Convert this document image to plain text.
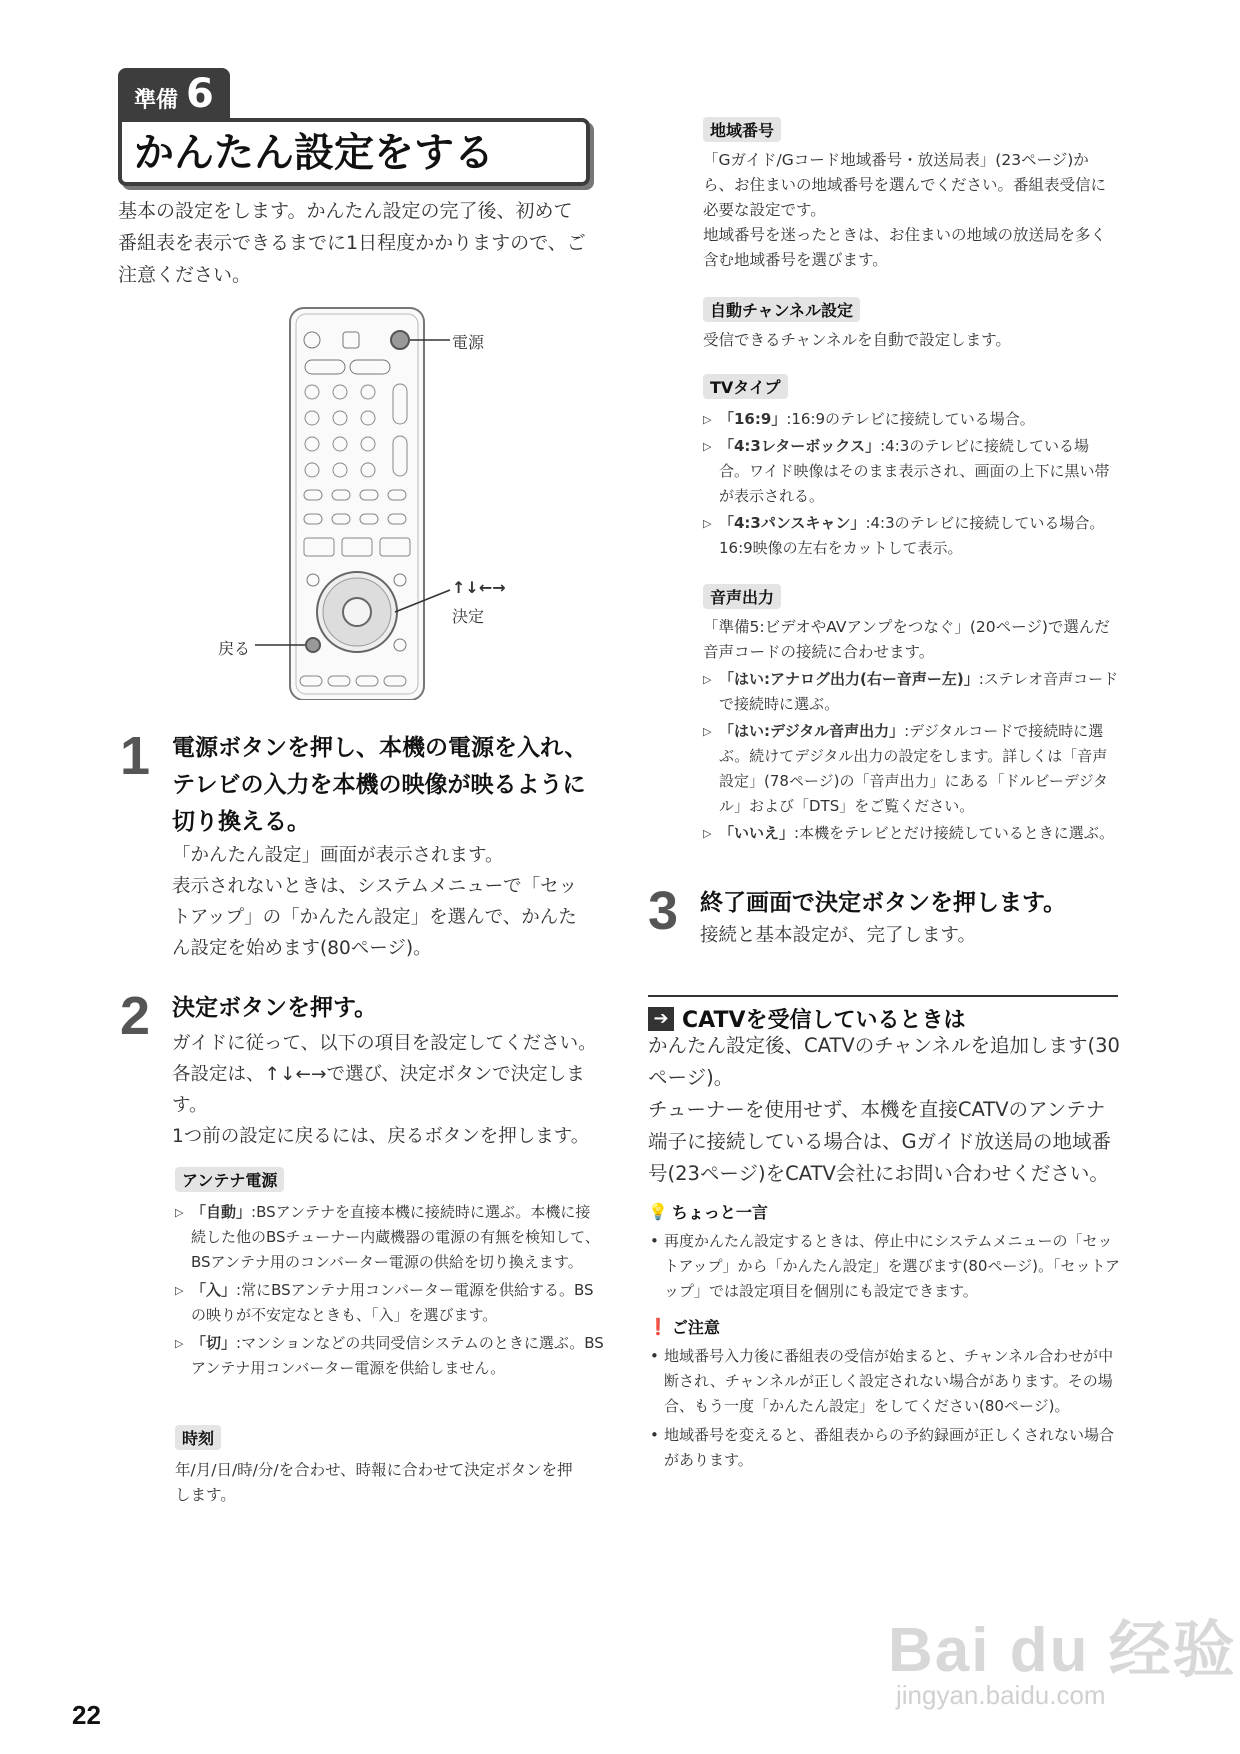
準備 6
かんたん設定をする
基本の設定をします。かんたん設定の完了後、初めて番組表を表示できるまでに1日程度かかりますので、ご注意ください。
電源
↑↓←→
決定
戻る
1 電源ボタンを押し、本機の電源を入れ、テレビの入力を本機の映像が映るように切り換える。
「かんたん設定」画面が表示されます。
表示されないときは、システムメニューで「セットアップ」の「かんたん設定」を選んで、かんたん設定を始めます(80ページ)。
2 決定ボタンを押す。
ガイドに従って、以下の項目を設定してください。
各設定は、↑↓←→で選び、決定ボタンで決定します。
1つ前の設定に戻るには、戻るボタンを押します。
アンテナ電源
▷ 「自動」:BSアンテナを直接本機に接続時に選ぶ。本機に接続した他のBSチューナー内蔵機器の電源の有無を検知して、BSアンテナ用のコンバーター電源の供給を切り換えます。
▷ 「入」:常にBSアンテナ用コンバーター電源を供給する。BSの映りが不安定なときも、「入」を選びます。
▷ 「切」:マンションなどの共同受信システムのときに選ぶ。BSアンテナ用コンバーター電源を供給しません。
時刻
年/月/日/時/分/を合わせ、時報に合わせて決定ボタンを押します。
地域番号
「Gガイド/Gコード地域番号・放送局表」(23ページ)から、お住まいの地域番号を選んでください。番組表受信に必要な設定です。
地域番号を迷ったときは、お住まいの地域の放送局を多く含む地域番号を選びます。
自動チャンネル設定
受信できるチャンネルを自動で設定します。
TVタイプ
▷ 「16:9」:16:9のテレビに接続している場合。
▷ 「4:3レターボックス」:4:3のテレビに接続している場合。ワイド映像はそのまま表示され、画面の上下に黒い帯が表示される。
▷ 「4:3パンスキャン」:4:3のテレビに接続している場合。16:9映像の左右をカットして表示。
音声出力
「準備5:ビデオやAVアンプをつなぐ」(20ページ)で選んだ音声コードの接続に合わせます。
▷ 「はい:アナログ出力(右ー音声ー左)」:ステレオ音声コードで接続時に選ぶ。
▷ 「はい:デジタル音声出力」:デジタルコードで接続時に選ぶ。続けてデジタル出力の設定をします。詳しくは「音声設定」(78ページ)の「音声出力」にある「ドルビーデジタル」および「DTS」をご覧ください。
▷ 「いいえ」:本機をテレビとだけ接続しているときに選ぶ。
3 終了画面で決定ボタンを押します。
接続と基本設定が、完了します。
➔ CATVを受信しているときは
かんたん設定後、CATVのチャンネルを追加します(30ページ)。
チューナーを使用せず、本機を直接CATVのアンテナ端子に接続している場合は、Gガイド放送局の地域番号(23ページ)をCATV会社にお問い合わせください。
💡 ちょっと一言
• 再度かんたん設定するときは、停止中にシステムメニューの「セットアップ」から「かんたん設定」を選びます(80ページ)。「セットアップ」では設定項目を個別にも設定できます。
❗ ご注意
• 地域番号入力後に番組表の受信が始まると、チャンネル合わせが中断され、チャンネルが正しく設定されない場合があります。その場合、もう一度「かんたん設定」をしてください(80ページ)。
• 地域番号を変えると、番組表からの予約録画が正しくされない場合があります。
22
Bai du 经验
jingyan.baidu.com
